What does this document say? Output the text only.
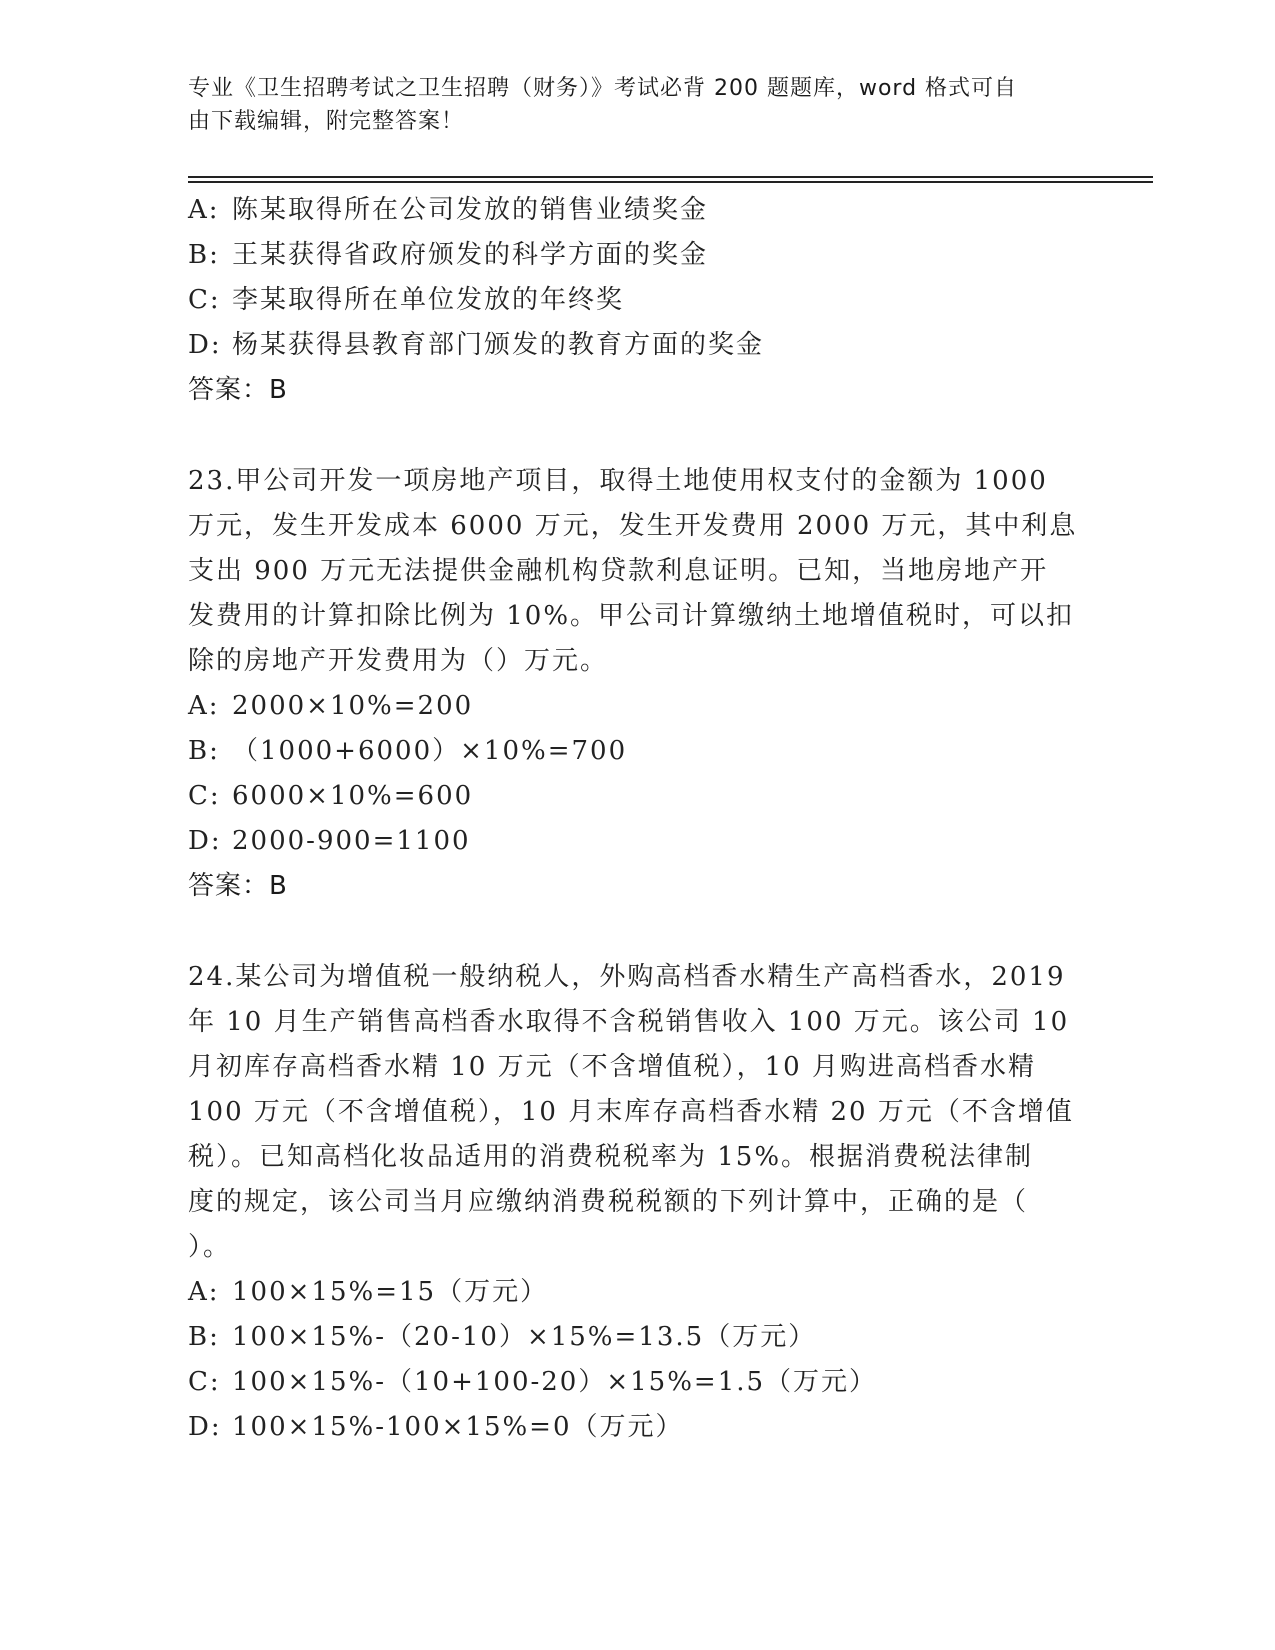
专业《卫生招聘考试之卫生招聘（财务）》考试必背 200 题题库，word 格式可自
由下载编辑，附完整答案！
A: 陈某取得所在公司发放的销售业绩奖金
B: 王某获得省政府颁发的科学方面的奖金
C: 李某取得所在单位发放的年终奖
D: 杨某获得县教育部门颁发的教育方面的奖金
答案：B
23.甲公司开发一项房地产项目，取得土地使用权支付的金额为 1000
万元，发生开发成本 6000 万元，发生开发费用 2000 万元，其中利息
支出 900 万元无法提供金融机构贷款利息证明。已知，当地房地产开
发费用的计算扣除比例为 10%。甲公司计算缴纳土地增值税时，可以扣
除的房地产开发费用为（）万元。
A: 2000×10%=200
B: （1000+6000）×10%=700
C: 6000×10%=600
D: 2000-900=1100
答案：B
24.某公司为增值税一般纳税人，外购高档香水精生产高档香水，2019
年 10 月生产销售高档香水取得不含税销售收入 100 万元。该公司 10
月初库存高档香水精 10 万元（不含增值税），10 月购进高档香水精
100 万元（不含增值税），10 月末库存高档香水精 20 万元（不含增值
税）。已知高档化妆品适用的消费税税率为 15%。根据消费税法律制
度的规定，该公司当月应缴纳消费税税额的下列计算中，正确的是（
）。
A: 100×15%=15（万元）
B: 100×15%-（20-10）×15%=13.5（万元）
C: 100×15%-（10+100-20）×15%=1.5（万元）
D: 100×15%-100×15%=0（万元）
